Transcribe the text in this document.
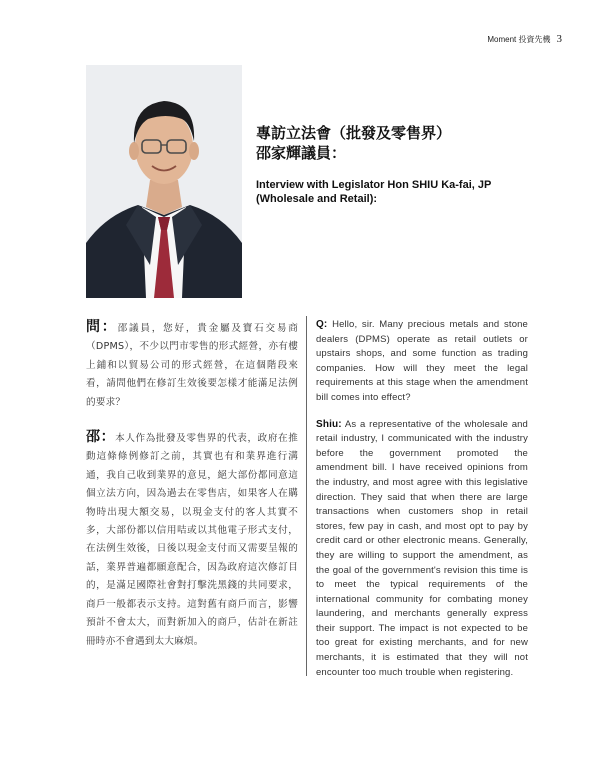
Moment 投資先機 3

專訪立法會（批發及零售界）

邵家輝議員：

Interview with Legislator Hon SHIU Ka-fai, JP (Wholesale and Retail):

問：邵議員，您好，貴金屬及寶石交易商（DPMS），不少以門市零售的形式經營，亦有樓上鋪和以貿易公司的形式經營，在這個階段來看，請問他們在修訂生效後要怎樣才能滿足法例的要求？

邵：本人作為批發及零售界的代表，政府在推動這條條例修訂之前，其實也有和業界進行溝通，我自己收到業界的意見，絕大部份都同意這個立法方向，因為過去在零售店，如果客人在購物時出現大額交易，以現金支付的客人其實不多，大部份都以信用咭或以其他電子形式支付，在法例生效後，日後以現金支付而又需要呈報的話，業界普遍都願意配合，因為政府這次修訂目的，是滿足國際社會對打擊洗黑錢的共同要求，商戶一般都表示支持。這對舊有商戶而言，影響預計不會太大，而對新加入的商戶，估計在新註冊時亦不會遇到太大麻煩。

Q: Hello, sir. Many precious metals and stone dealers (DPMS) operate as retail outlets or upstairs shops, and some function as trading companies. How will they meet the legal requirements at this stage when the amendment bill comes into effect?

Shiu: As a representative of the wholesale and retail industry, I communicated with the industry before the government promoted the amendment bill. I have received opinions from the industry, and most agree with this legislative direction. They said that when there are large transactions when customers shop in retail stores, few pay in cash, and most opt to pay by credit card or other electronic means. Generally, they are willing to support the amendment, as the goal of the government's revision this time is to meet the typical requirements of the international community for combating money laundering, and merchants generally express their support. The impact is not expected to be too great for existing merchants, and for new merchants, it is estimated that they will not encounter too much trouble when registering.
